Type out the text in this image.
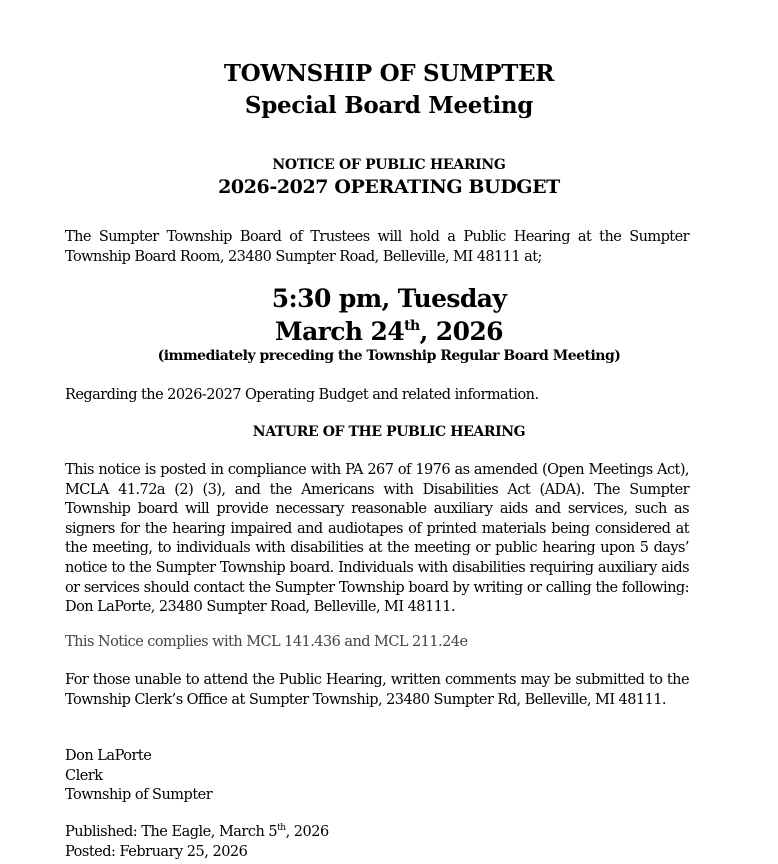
TOWNSHIP OF SUMPTER
Special Board Meeting
NOTICE OF PUBLIC HEARING
2026-2027 OPERATING BUDGET
The Sumpter Township Board of Trustees will hold a Public Hearing at the Sumpter Township Board Room, 23480 Sumpter Road, Belleville, MI 48111 at;
5:30 pm, Tuesday
March 24th, 2026
(immediately preceding the Township Regular Board Meeting)
Regarding the 2026-2027 Operating Budget and related information.
NATURE OF THE PUBLIC HEARING
This notice is posted in compliance with PA 267 of 1976 as amended (Open Meetings Act), MCLA 41.72a (2) (3), and the Americans with Disabilities Act (ADA). The Sumpter Township board will provide necessary reasonable auxiliary aids and services, such as signers for the hearing impaired and audiotapes of printed materials being considered at the meeting, to individuals with disabilities at the meeting or public hearing upon 5 days’ notice to the Sumpter Township board. Individuals with disabilities requiring auxiliary aids or services should contact the Sumpter Township board by writing or calling the following: Don LaPorte, 23480 Sumpter Road, Belleville, MI 48111.
This Notice complies with MCL 141.436 and MCL 211.24e
For those unable to attend the Public Hearing, written comments may be submitted to the Township Clerk’s Office at Sumpter Township, 23480 Sumpter Rd, Belleville, MI 48111.
Don LaPorte
Clerk
Township of Sumpter
Published: The Eagle, March 5th, 2026
Posted: February 25, 2026
